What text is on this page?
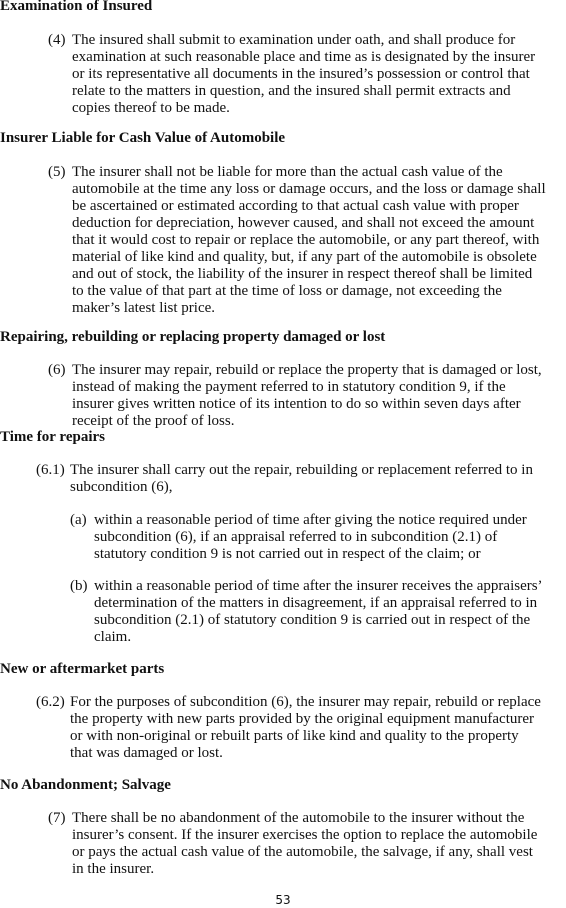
Examination of Insured
(4) The insured shall submit to examination under oath, and shall produce for
examination at such reasonable place and time as is designated by the insurer
or its representative all documents in the insured’s possession or control that
relate to the matters in question, and the insured shall permit extracts and
copies thereof to be made.
Insurer Liable for Cash Value of Automobile
(5) The insurer shall not be liable for more than the actual cash value of the
automobile at the time any loss or damage occurs, and the loss or damage shall
be ascertained or estimated according to that actual cash value with proper
deduction for depreciation, however caused, and shall not exceed the amount
that it would cost to repair or replace the automobile, or any part thereof, with
material of like kind and quality, but, if any part of the automobile is obsolete
and out of stock, the liability of the insurer in respect thereof shall be limited
to the value of that part at the time of loss or damage, not exceeding the
maker’s latest list price.
Repairing, rebuilding or replacing property damaged or lost
(6) The insurer may repair, rebuild or replace the property that is damaged or lost,
instead of making the payment referred to in statutory condition 9, if the
insurer gives written notice of its intention to do so within seven days after
receipt of the proof of loss.
Time for repairs
(6.1) The insurer shall carry out the repair, rebuilding or replacement referred to in
subcondition (6),
(a) within a reasonable period of time after giving the notice required under
subcondition (6), if an appraisal referred to in subcondition (2.1) of
statutory condition 9 is not carried out in respect of the claim; or
(b) within a reasonable period of time after the insurer receives the appraisers’
determination of the matters in disagreement, if an appraisal referred to in
subcondition (2.1) of statutory condition 9 is carried out in respect of the
claim.
New or aftermarket parts
(6.2) For the purposes of subcondition (6), the insurer may repair, rebuild or replace
the property with new parts provided by the original equipment manufacturer
or with non-original or rebuilt parts of like kind and quality to the property
that was damaged or lost.
No Abandonment; Salvage
(7) There shall be no abandonment of the automobile to the insurer without the
insurer’s consent. If the insurer exercises the option to replace the automobile
or pays the actual cash value of the automobile, the salvage, if any, shall vest
in the insurer.
53
